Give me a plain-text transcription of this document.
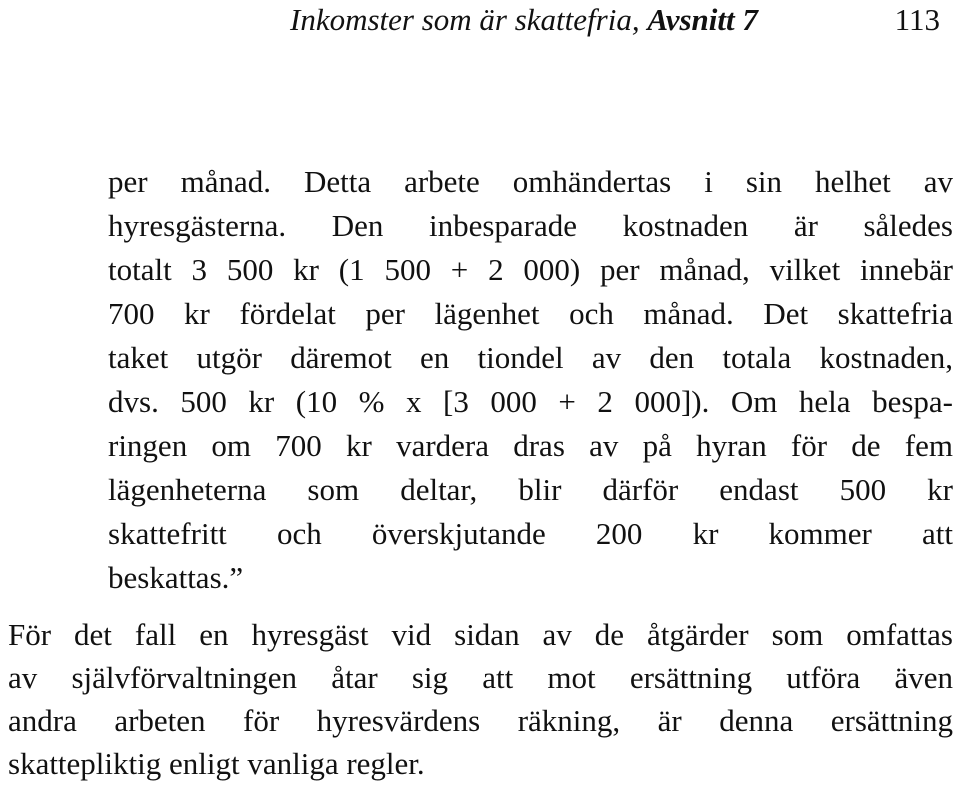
Inkomster som är skattefria, Avsnitt 7	113
per månad. Detta arbete omhändertas i sin helhet av
hyresgästerna. Den inbesparade kostnaden är således
totalt 3 500 kr (1 500 + 2 000) per månad, vilket innebär
700 kr fördelat per lägenhet och månad. Det skattefria
taket utgör däremot en tiondel av den totala kostnaden,
dvs. 500 kr (10 % x [3 000 + 2 000]). Om hela bespa-
ringen om 700 kr vardera dras av på hyran för de fem
lägenheterna som deltar, blir därför endast 500 kr
skattefritt och överskjutande 200 kr kommer att
beskattas.”
För det fall en hyresgäst vid sidan av de åtgärder som omfattas
av självförvaltningen åtar sig att mot ersättning utföra även
andra arbeten för hyresvärdens räkning, är denna ersättning
skattepliktig enligt vanliga regler.
